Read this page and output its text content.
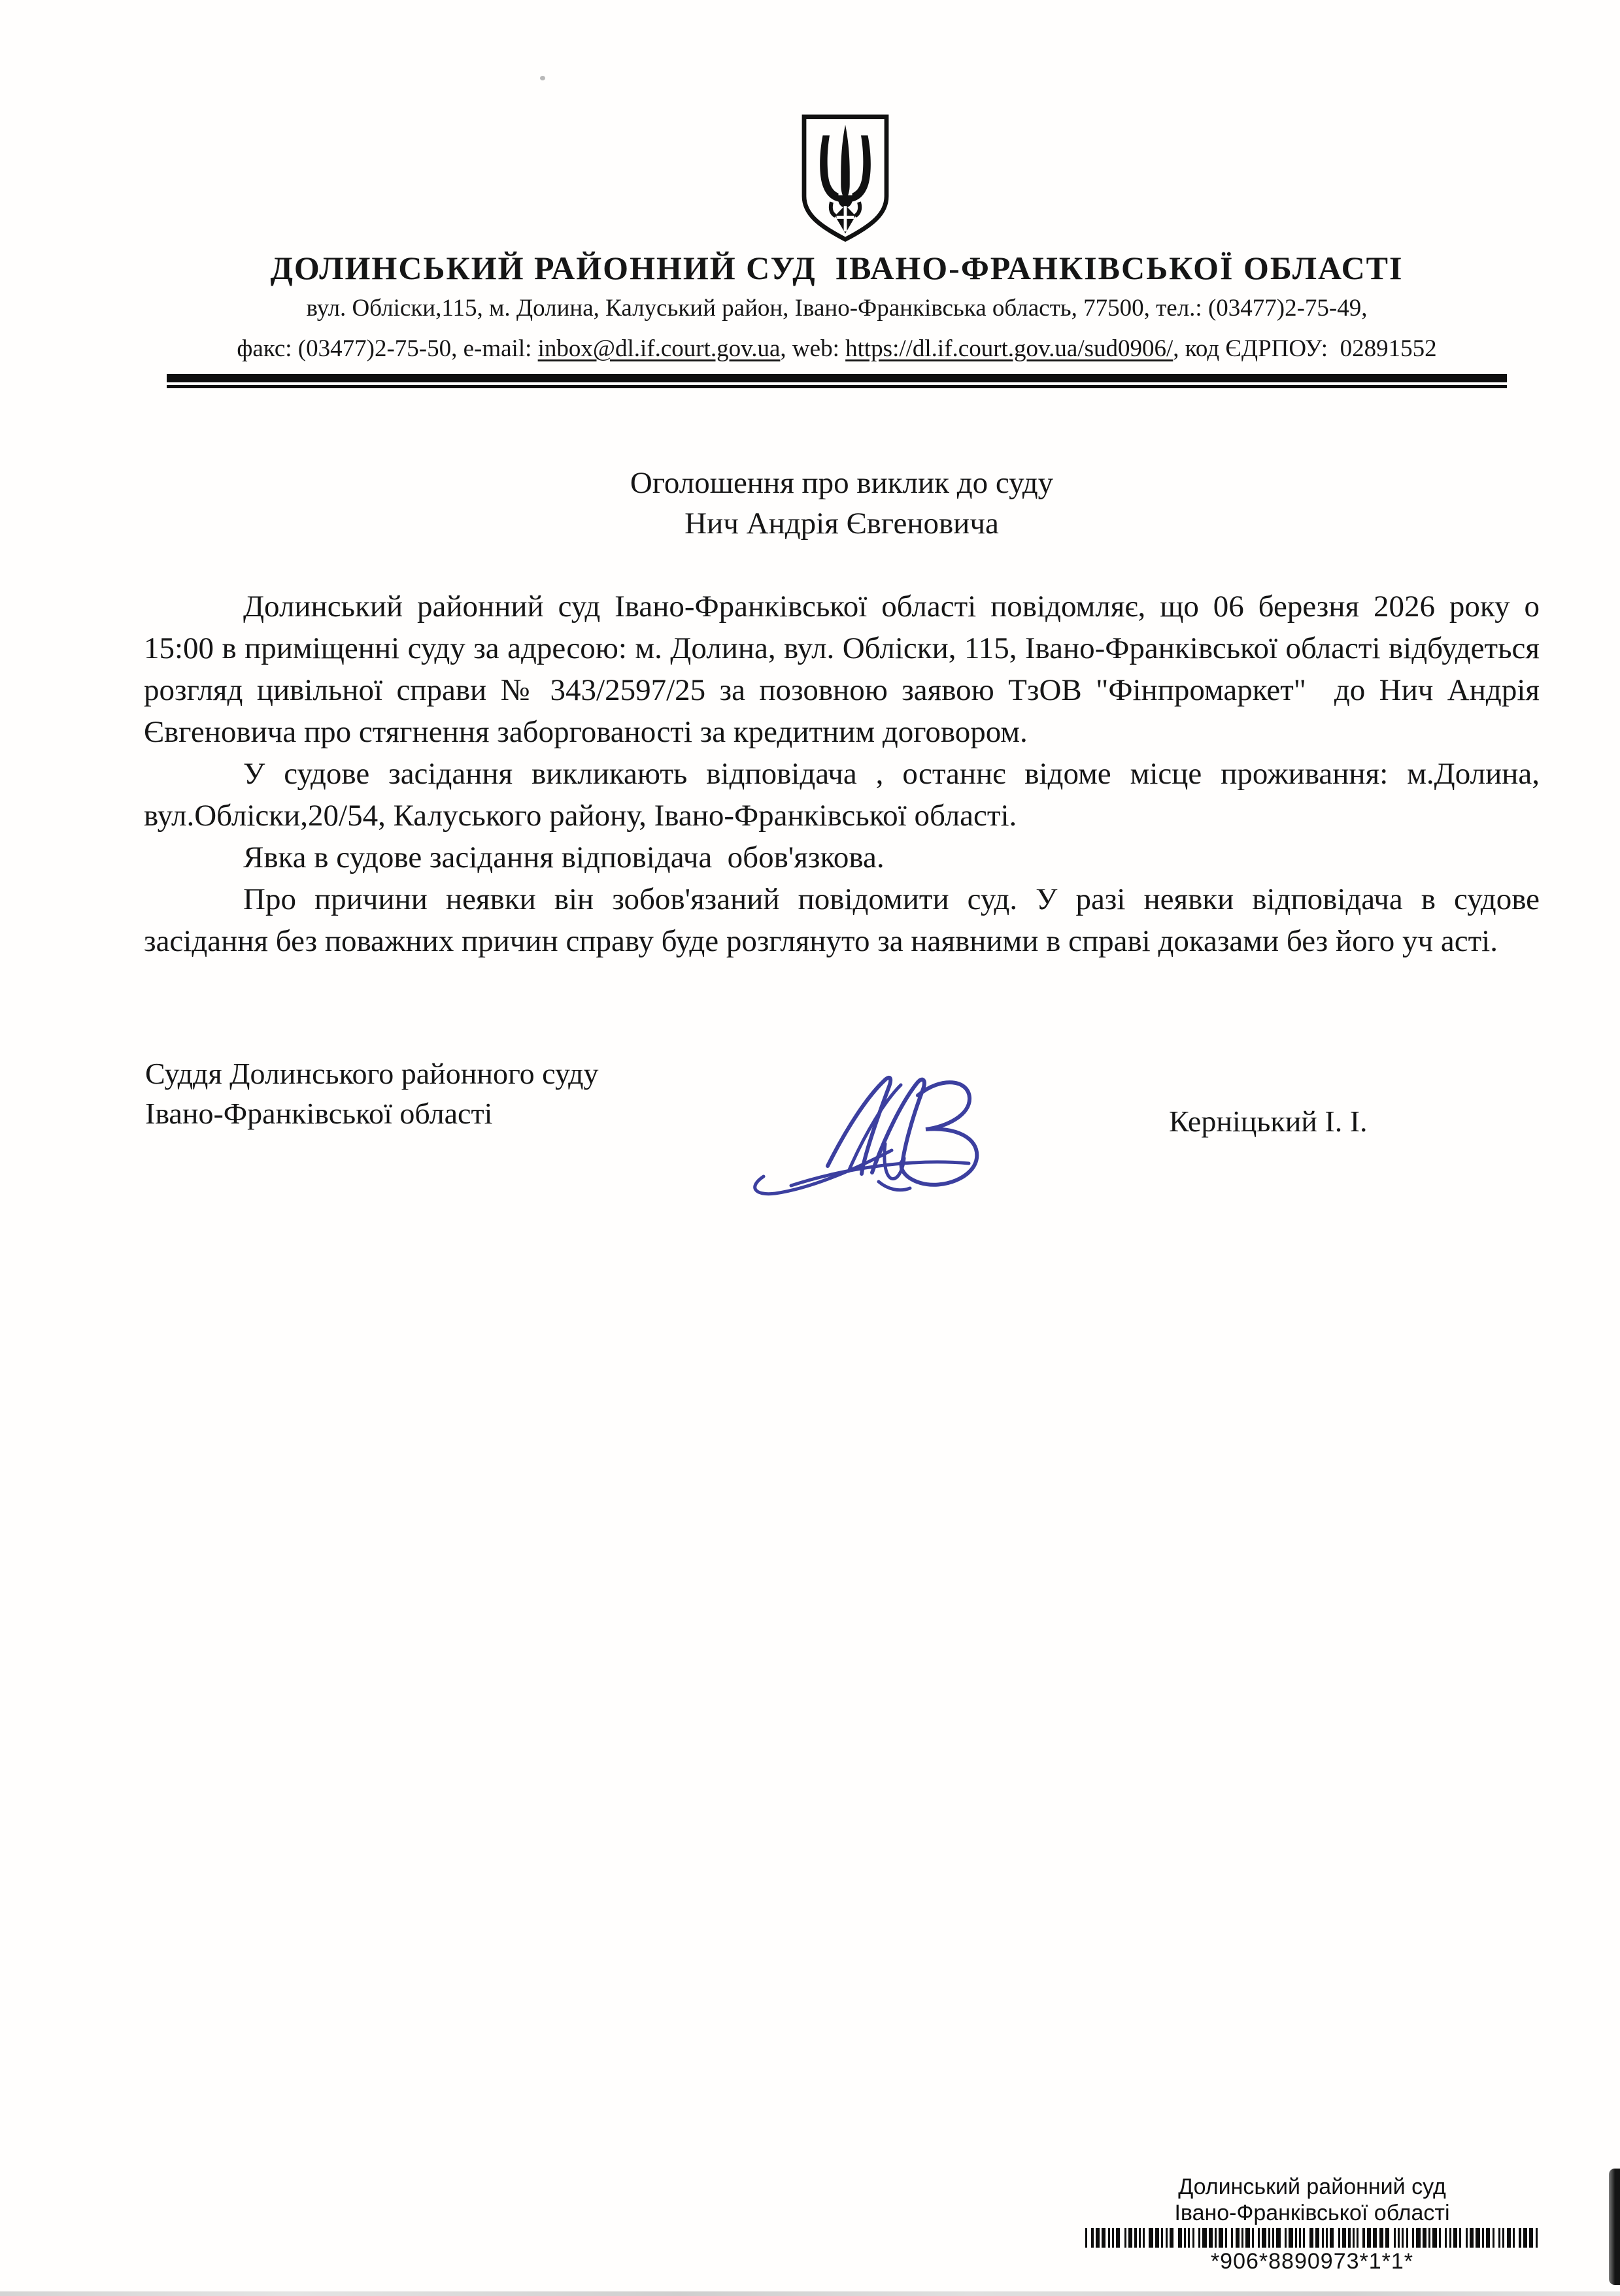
ДОЛИНСЬКИЙ РАЙОННИЙ СУД  ІВАНО-ФРАНКІВСЬКОЇ ОБЛАСТІ
вул. Обліски,115, м. Долина, Калуський район, Івано-Франківська область, 77500, тел.: (03477)2-75-49,
факс: (03477)2-75-50, e-mail: inbox@dl.if.court.gov.ua, web: https://dl.if.court.gov.ua/sud0906/, код ЄДРПОУ:  02891552
Оголошення про виклик до суду
Нич Андрія Євгеновича

Долинський районний суд Івано-Франківської області повідомляє, що 06 березня 2026 року о 15:00 в приміщенні суду за адресою: м. Долина, вул. Обліски, 115, Івано-Франківської області відбудеться розгляд цивільної справи № 343/2597/25 за позовною заявою ТзОВ "Фінпромаркет"  до Нич Андрія Євгеновича про стягнення заборгованості за кредитним договором.

У судове засідання викликають відповідача , останнє відоме місце проживання: м.Долина, вул.Обліски,20/54, Калуського району, Івано-Франківської області.

Явка в судове засідання відповідача  обов'язкова.

Про причини неявки він зобов'язаний повідомити суд. У разі неявки відповідача в судове засідання без поважних причин справу буде розглянуто за наявними в справі доказами без його уч асті.

Суддя Долинського районного суду
Івано-Франківської області	Керніцький І. І.
Долинський районний суд
Івано-Франківської області
*906*8890973*1*1*
